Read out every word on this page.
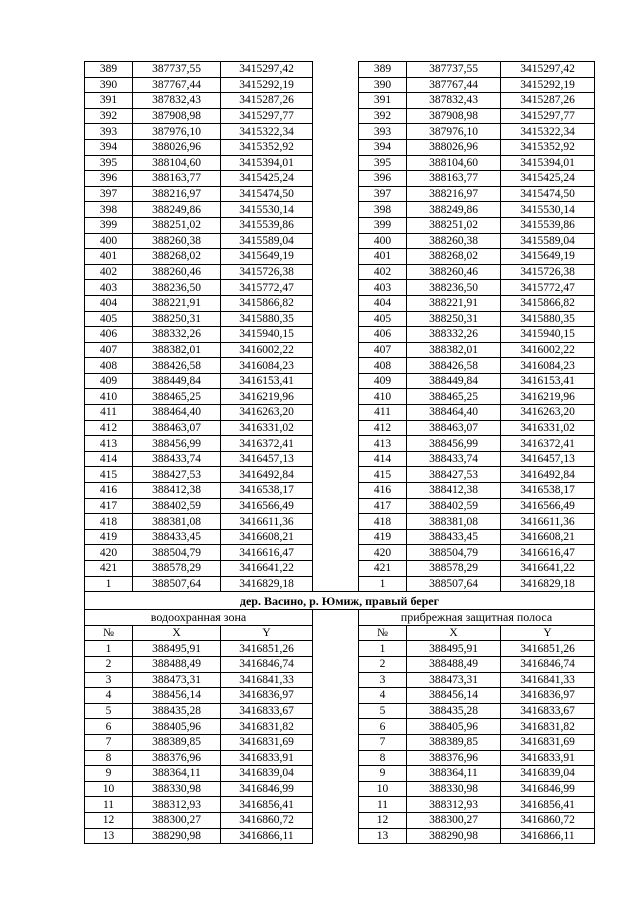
389	387737,55	3415297,42		389	387737,55	3415297,42
390	387767,44	3415292,19		390	387767,44	3415292,19
391	387832,43	3415287,26		391	387832,43	3415287,26
392	387908,98	3415297,77		392	387908,98	3415297,77
393	387976,10	3415322,34		393	387976,10	3415322,34
394	388026,96	3415352,92		394	388026,96	3415352,92
395	388104,60	3415394,01		395	388104,60	3415394,01
396	388163,77	3415425,24		396	388163,77	3415425,24
397	388216,97	3415474,50		397	388216,97	3415474,50
398	388249,86	3415530,14		398	388249,86	3415530,14
399	388251,02	3415539,86		399	388251,02	3415539,86
400	388260,38	3415589,04		400	388260,38	3415589,04
401	388268,02	3415649,19		401	388268,02	3415649,19
402	388260,46	3415726,38		402	388260,46	3415726,38
403	388236,50	3415772,47		403	388236,50	3415772,47
404	388221,91	3415866,82		404	388221,91	3415866,82
405	388250,31	3415880,35		405	388250,31	3415880,35
406	388332,26	3415940,15		406	388332,26	3415940,15
407	388382,01	3416002,22		407	388382,01	3416002,22
408	388426,58	3416084,23		408	388426,58	3416084,23
409	388449,84	3416153,41		409	388449,84	3416153,41
410	388465,25	3416219,96		410	388465,25	3416219,96
411	388464,40	3416263,20		411	388464,40	3416263,20
412	388463,07	3416331,02		412	388463,07	3416331,02
413	388456,99	3416372,41		413	388456,99	3416372,41
414	388433,74	3416457,13		414	388433,74	3416457,13
415	388427,53	3416492,84		415	388427,53	3416492,84
416	388412,38	3416538,17		416	388412,38	3416538,17
417	388402,59	3416566,49		417	388402,59	3416566,49
418	388381,08	3416611,36		418	388381,08	3416611,36
419	388433,45	3416608,21		419	388433,45	3416608,21
420	388504,79	3416616,47		420	388504,79	3416616,47
421	388578,29	3416641,22		421	388578,29	3416641,22
1	388507,64	3416829,18		1	388507,64	3416829,18
дер. Васино, р. Юмиж, правый берег						
водоохранная зона				прибрежная защитная полоса		
№	X	Y		№	X	Y
1	388495,91	3416851,26		1	388495,91	3416851,26
2	388488,49	3416846,74		2	388488,49	3416846,74
3	388473,31	3416841,33		3	388473,31	3416841,33
4	388456,14	3416836,97		4	388456,14	3416836,97
5	388435,28	3416833,67		5	388435,28	3416833,67
6	388405,96	3416831,82		6	388405,96	3416831,82
7	388389,85	3416831,69		7	388389,85	3416831,69
8	388376,96	3416833,91		8	388376,96	3416833,91
9	388364,11	3416839,04		9	388364,11	3416839,04
10	388330,98	3416846,99		10	388330,98	3416846,99
11	388312,93	3416856,41		11	388312,93	3416856,41
12	388300,27	3416860,72		12	388300,27	3416860,72
13	388290,98	3416866,11		13	388290,98	3416866,11
